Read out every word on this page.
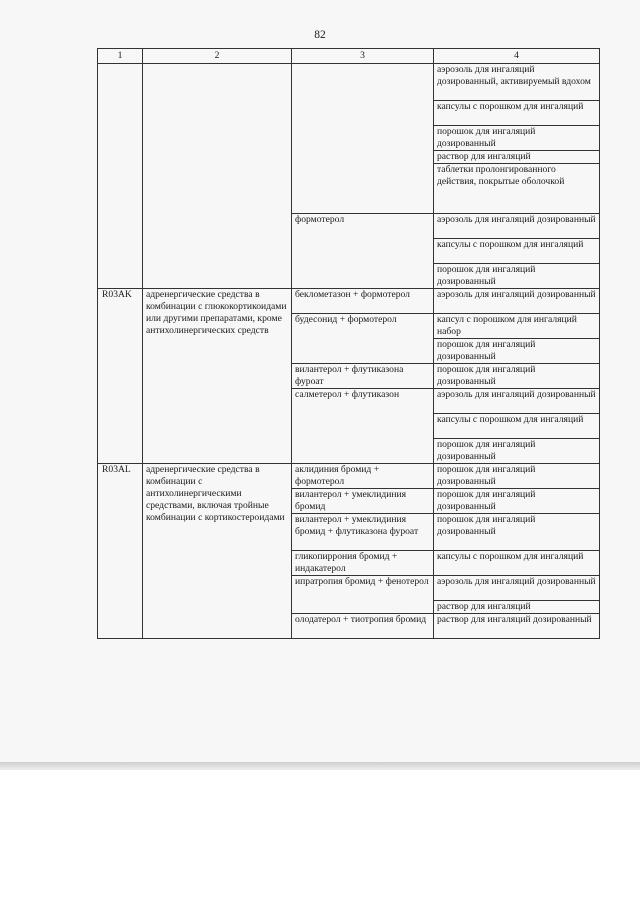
82
1	2	3	4
			аэрозоль для ингаляций дозированный, активируемый вдохом
			капсулы с порошком для ингаляций
			порошок для ингаляций дозированный
			раствор для ингаляций
			таблетки пролонгированного действия, покрытые оболочкой
		формотерол	аэрозоль для ингаляций дозированный
			капсулы с порошком для ингаляций
			порошок для ингаляций дозированный
R03AK	адренергические средства в комбинации с глюкокортикоидами или другими препаратами, кроме антихолинергических средств	беклометазон + формотерол	аэрозоль для ингаляций дозированный
		будесонид + формотерол	капсул с порошком для ингаляций набор
			порошок для ингаляций дозированный
		вилантерол + флутиказона фуроат	порошок для ингаляций дозированный
		салметерол + флутиказон	аэрозоль для ингаляций дозированный
			капсулы с порошком для ингаляций
			порошок для ингаляций дозированный
R03AL	адренергические средства в комбинации с антихолинергическими средствами, включая тройные комбинации с кортикостероидами	аклидиния бромид + формотерол	порошок для ингаляций дозированный
		вилантерол + умеклидиния бромид	порошок для ингаляций дозированный
		вилантерол + умеклидиния бромид + флутиказона фуроат	порошок для ингаляций дозированный
		гликопиррония бромид + индакатерол	капсулы с порошком для ингаляций
		ипратропия бромид + фенотерол	аэрозоль для ингаляций дозированный
			раствор для ингаляций
		олодатерол + тиотропия бромид	раствор для ингаляций дозированный
